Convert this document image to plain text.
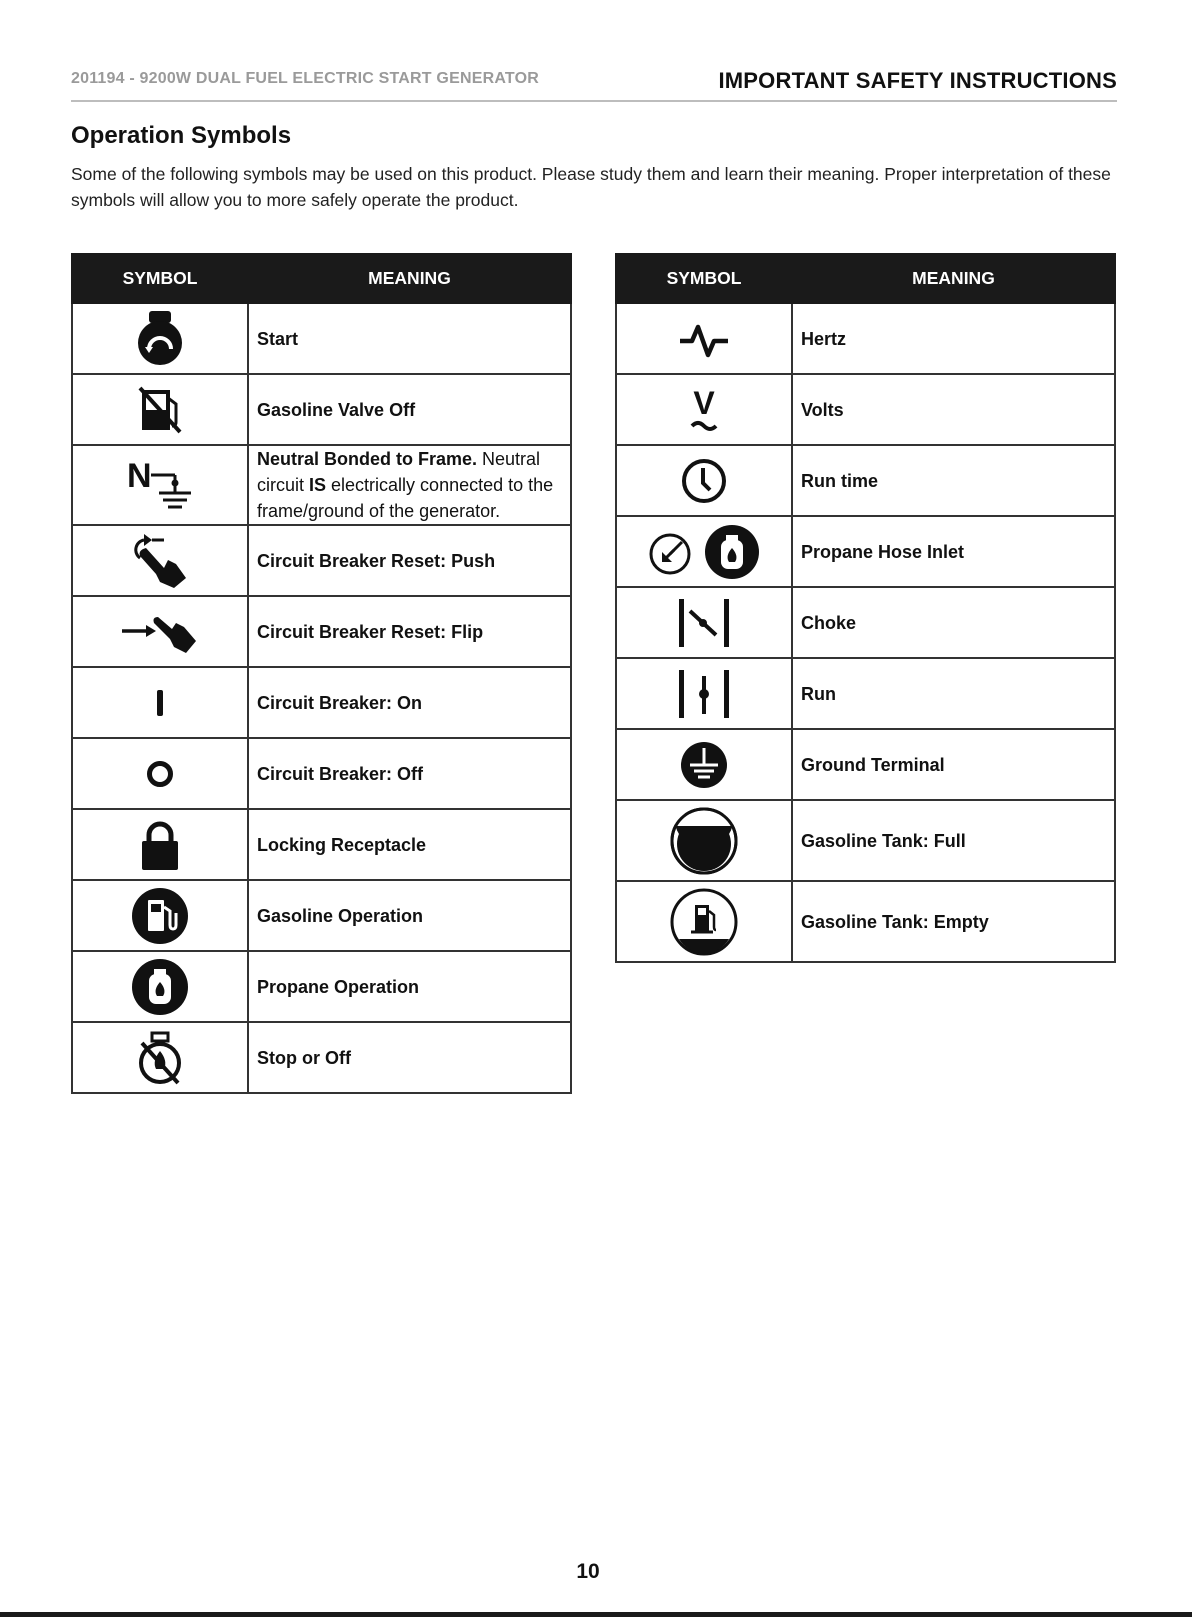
201194 - 9200W DUAL FUEL ELECTRIC START GENERATOR	IMPORTANT SAFETY INSTRUCTIONS
Operation Symbols

Some of the following symbols may be used on this product. Please study them and learn their meaning. Proper interpretation of these symbols will allow you to more safely operate the product.

SYMBOL	MEANING

	Start

	Gasoline Valve Off

N	Neutral Bonded to Frame. Neutral circuit IS electrically connected to the frame/ground of the generator.

	Circuit Breaker Reset: Push

	Circuit Breaker Reset: Flip

	Circuit Breaker: On

	Circuit Breaker: Off

	Locking Receptacle

	Gasoline Operation

	Propane Operation

	Stop or Off
SYMBOL	MEANING

	Hertz

V	Volts

	Run time

	Propane Hose Inlet

	Choke

	Run

	Ground Terminal

	Gasoline Tank: Full

	Gasoline Tank: Empty
10
